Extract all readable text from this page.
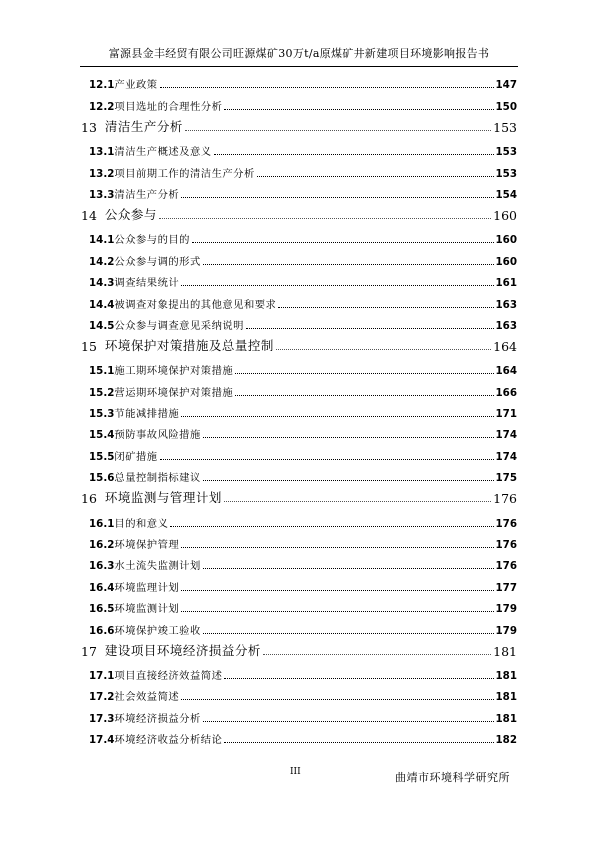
富源县金丰经贸有限公司旺源煤矿30万t/a原煤矿井新建项目环境影响报告书
12.1 产业政策	147
12.2 项目选址的合理性分析	150
13 清洁生产分析	153
13.1 清洁生产概述及意义	153
13.2 项目前期工作的清洁生产分析	153
13.3 清洁生产分析	154
14 公众参与	160
14.1 公众参与的目的	160
14.2 公众参与调的形式	160
14.3 调查结果统计	161
14.4 被调查对象提出的其他意见和要求	163
14.5 公众参与调查意见采纳说明	163
15 环境保护对策措施及总量控制	164
15.1 施工期环境保护对策措施	164
15.2 营运期环境保护对策措施	166
15.3 节能减排措施	171
15.4 预防事故风险措施	174
15.5 闭矿措施	174
15.6 总量控制指标建议	175
16 环境监测与管理计划	176
16.1 目的和意义	176
16.2 环境保护管理	176
16.3 水土流失监测计划	176
16.4 环境监理计划	177
16.5 环境监测计划	179
16.6 环境保护竣工验收	179
17 建设项目环境经济损益分析	181
17.1 项目直接经济效益简述	181
17.2 社会效益简述	181
17.3 环境经济损益分析	181
17.4 环境经济收益分析结论	182
III	曲靖市环境科学研究所
